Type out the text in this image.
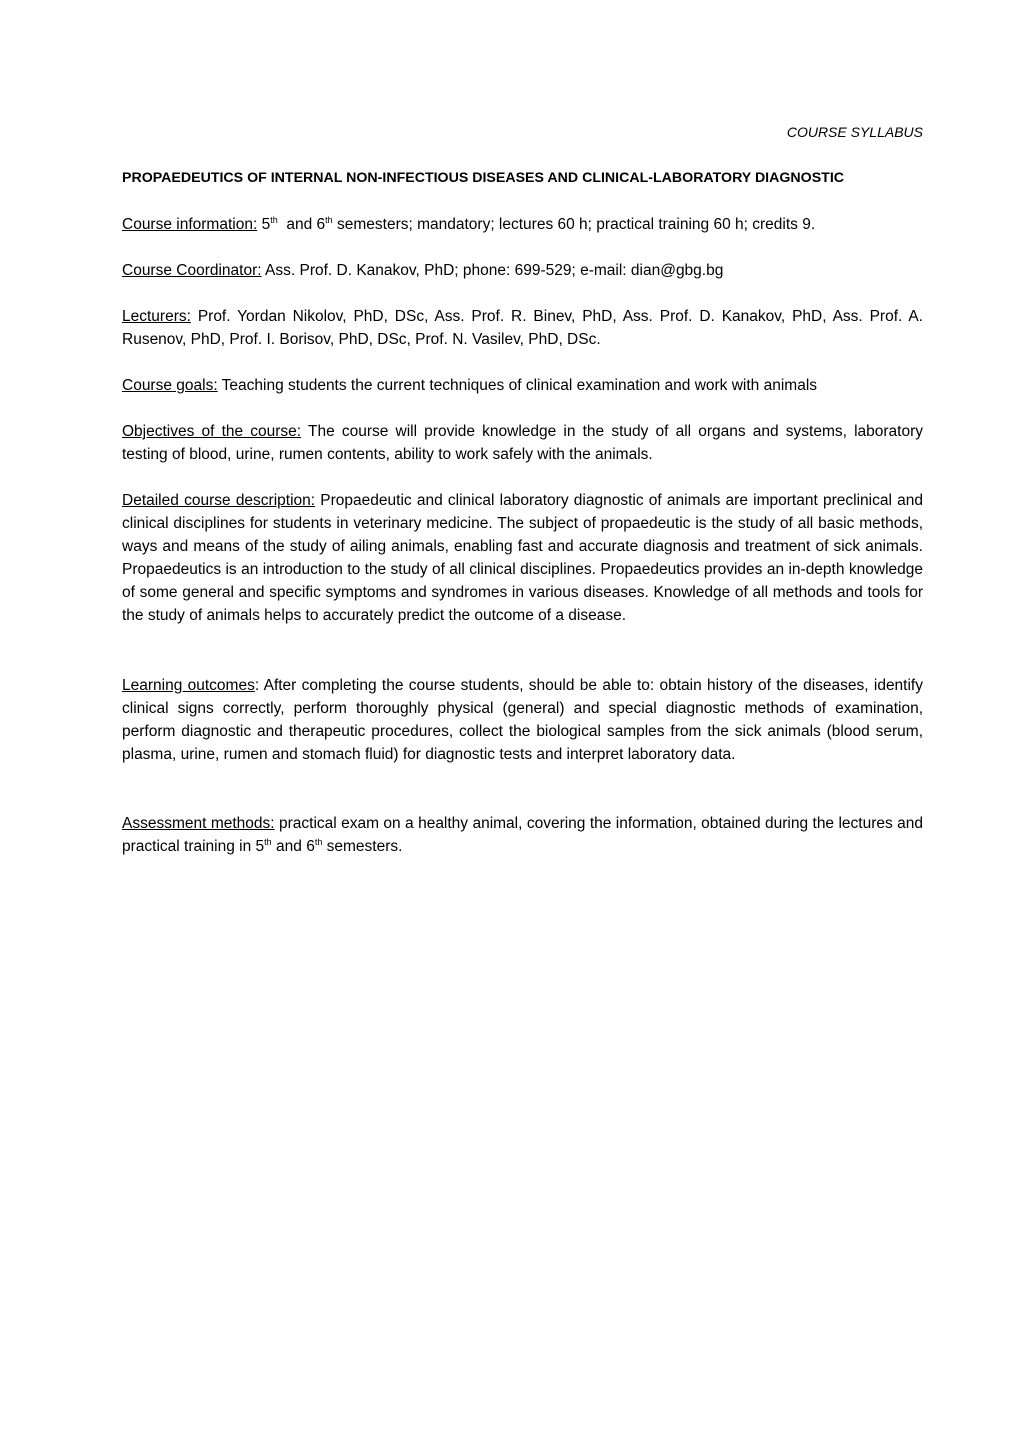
COURSE SYLLABUS
PROPAEDEUTICS OF INTERNAL NON-INFECTIOUS DISEASES AND CLINICAL-LABORATORY DIAGNOSTIC

Course information: 5th and 6th semesters; mandatory; lectures 60 h; practical training 60 h; credits 9.

Course Coordinator: Ass. Prof. D. Kanakov, PhD; phone: 699-529; e-mail: dian@gbg.bg

Lecturers: Prof. Yordan Nikolov, PhD, DSc, Ass. Prof. R. Binev, PhD, Ass. Prof. D. Kanakov, PhD, Ass. Prof. A. Rusenov, PhD, Prof. I. Borisov, PhD, DSc, Prof. N. Vasilev, PhD, DSc.

Course goals: Teaching students the current techniques of clinical examination and work with animals

Objectives of the course: The course will provide knowledge in the study of all organs and systems, laboratory testing of blood, urine, rumen contents, ability to work safely with the animals.

Detailed course description: Propaedeutic and clinical laboratory diagnostic of animals are important preclinical and clinical disciplines for students in veterinary medicine. The subject of propaedeutic is the study of all basic methods, ways and means of the study of ailing animals, enabling fast and accurate diagnosis and treatment of sick animals. Propaedeutics is an introduction to the study of all clinical disciplines. Propaedeutics provides an in-depth knowledge of some general and specific symptoms and syndromes in various diseases. Knowledge of all methods and tools for the study of animals helps to accurately predict the outcome of a disease.

Learning outcomes: After completing the course students, should be able to: obtain history of the diseases, identify clinical signs correctly, perform thoroughly physical (general) and special diagnostic methods of examination, perform diagnostic and therapeutic procedures, collect the biological samples from the sick animals (blood serum, plasma, urine, rumen and stomach fluid) for diagnostic tests and interpret laboratory data.

Assessment methods: practical exam on a healthy animal, covering the information, obtained during the lectures and practical training in 5th and 6th semesters.
